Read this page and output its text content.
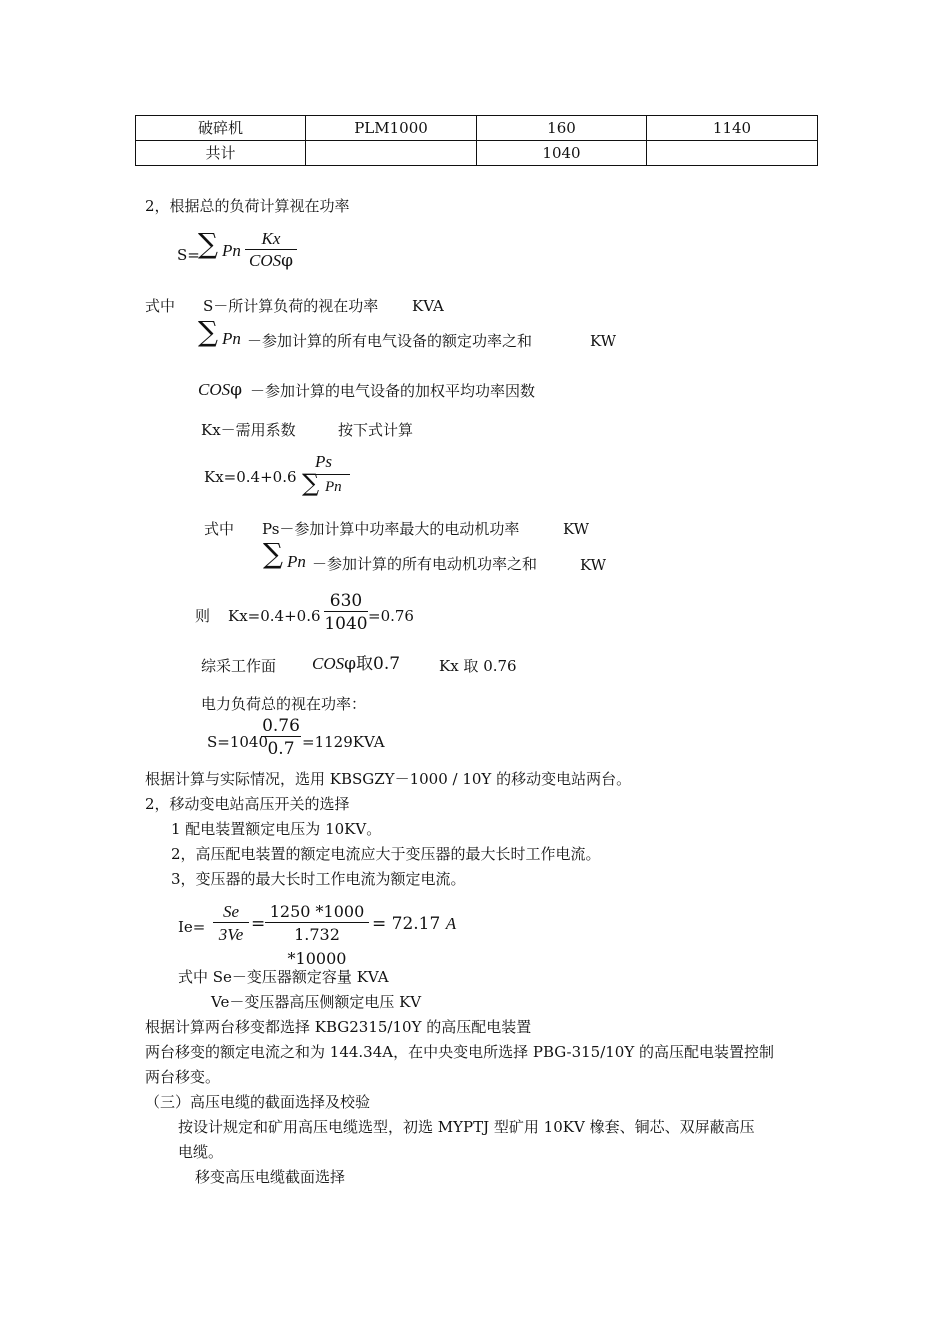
破碎机	PLM1000	160	1140
共计		1040	
2，根据总的负荷计算视在功率
S=
∑ Pn
Kx
COSφ
式中 S－所计算负荷的视在功率 KVA
∑ Pn －参加计算的所有电气设备的额定功率之和	KW
COSφ －参加计算的电气设备的加权平均功率因数
Kx－需用系数	按下式计算
Kx=0.4+0.6
Ps
∑ Pn
式中 Ps－参加计算中功率最大的电动机功率	KW
∑ Pn －参加计算的所有电动机功率之和	KW
则 $Kx=0.4+0.6 \frac{630}{1040} =0.76$
综采工作面 COSφ取0.7	Kx 取 0.76
电力负荷总的视在功率：
S=1040
$\frac{0.76}{0.7} =1129KVA$
根据计算与实际情况，选用 KBSGZY－1000 / 10Y 的移动变电站两台。
2，移动变电站高压开关的选择
1 配电装置额定电压为 10KV。
2，高压配电装置的额定电流应大于变压器的最大长时工作电流。
3，变压器的最大长时工作电流为额定电流。
$Ie= \frac{Se}{3Ve} = \frac{1250 *1000}{1.732 *10000} = 72.17$ A
式中 Se－变压器额定容量 KVA
Ve－变压器高压侧额定电压 KV
根据计算两台移变都选择 KBG2315/10Y 的高压配电装置
两台移变的额定电流之和为 144.34A，在中央变电所选择 PBG-315/10Y 的高压配电装置控制
两台移变。
（三）高压电缆的截面选择及校验
按设计规定和矿用高压电缆选型，初选 MYPTJ 型矿用 10KV 橡套、铜芯、双屏蔽高压
电缆。
移变高压电缆截面选择
